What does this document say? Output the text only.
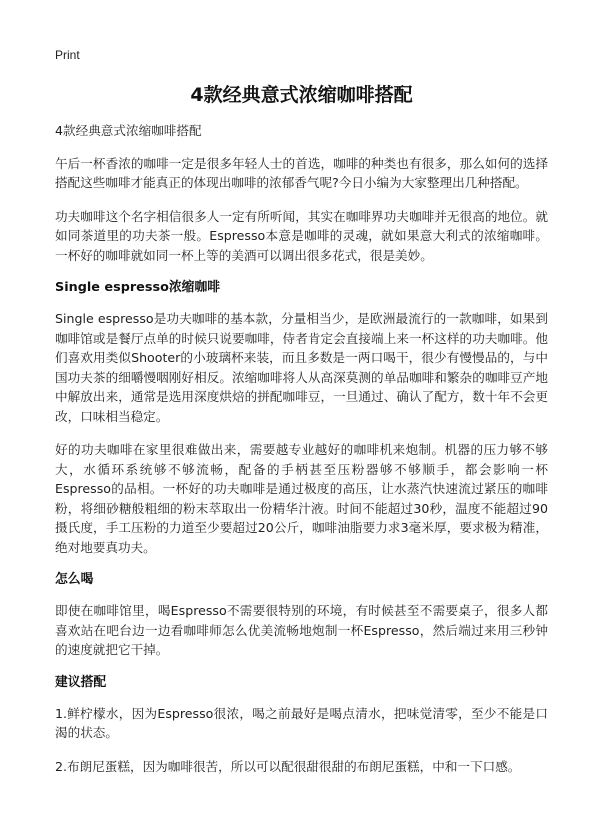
Print
4款经典意式浓缩咖啡搭配

4款经典意式浓缩咖啡搭配

午后一杯香浓的咖啡一定是很多年轻人士的首选，咖啡的种类也有很多，那么如何的选择搭配这些咖啡才能真正的体现出咖啡的浓郁香气呢?今日小编为大家整理出几种搭配。

功夫咖啡这个名字相信很多人一定有所听闻，其实在咖啡界功夫咖啡并无很高的地位。就如同茶道里的功夫茶一般。Espresso本意是咖啡的灵魂，就如果意大利式的浓缩咖啡。一杯好的咖啡就如同一杯上等的美酒可以调出很多花式，很是美妙。

Single espresso浓缩咖啡

Single espresso是功夫咖啡的基本款，分量相当少，是欧洲最流行的一款咖啡，如果到咖啡馆或是餐厅点单的时候只说要咖啡，侍者肯定会直接端上来一杯这样的功夫咖啡。他们喜欢用类似Shooter的小玻璃杯来装，而且多数是一两口喝干，很少有慢慢品的，与中国功夫茶的细嚼慢咽刚好相反。浓缩咖啡将人从高深莫测的单品咖啡和繁杂的咖啡豆产地中解放出来，通常是选用深度烘焙的拼配咖啡豆，一旦通过、确认了配方，数十年不会更改，口味相当稳定。

好的功夫咖啡在家里很难做出来，需要越专业越好的咖啡机来炮制。机器的压力够不够大，水循环系统够不够流畅，配备的手柄甚至压粉器够不够顺手，都会影响一杯Espresso的品相。一杯好的功夫咖啡是通过极度的高压，让水蒸汽快速流过紧压的咖啡粉，将细砂糖般粗细的粉末萃取出一份精华汁液。时间不能超过30秒，温度不能超过90摄氏度，手工压粉的力道至少要超过20公斤，咖啡油脂要力求3毫米厚，要求极为精准，绝对地要真功夫。

怎么喝

即使在咖啡馆里，喝Espresso不需要很特别的环境，有时候甚至不需要桌子，很多人都喜欢站在吧台边一边看咖啡师怎么优美流畅地炮制一杯Espresso，然后端过来用三秒钟的速度就把它干掉。

建议搭配

1.鲜柠檬水，因为Espresso很浓，喝之前最好是喝点清水，把味觉清零，至少不能是口渴的状态。

2.布朗尼蛋糕，因为咖啡很苦，所以可以配很甜很甜的布朗尼蛋糕，中和一下口感。
